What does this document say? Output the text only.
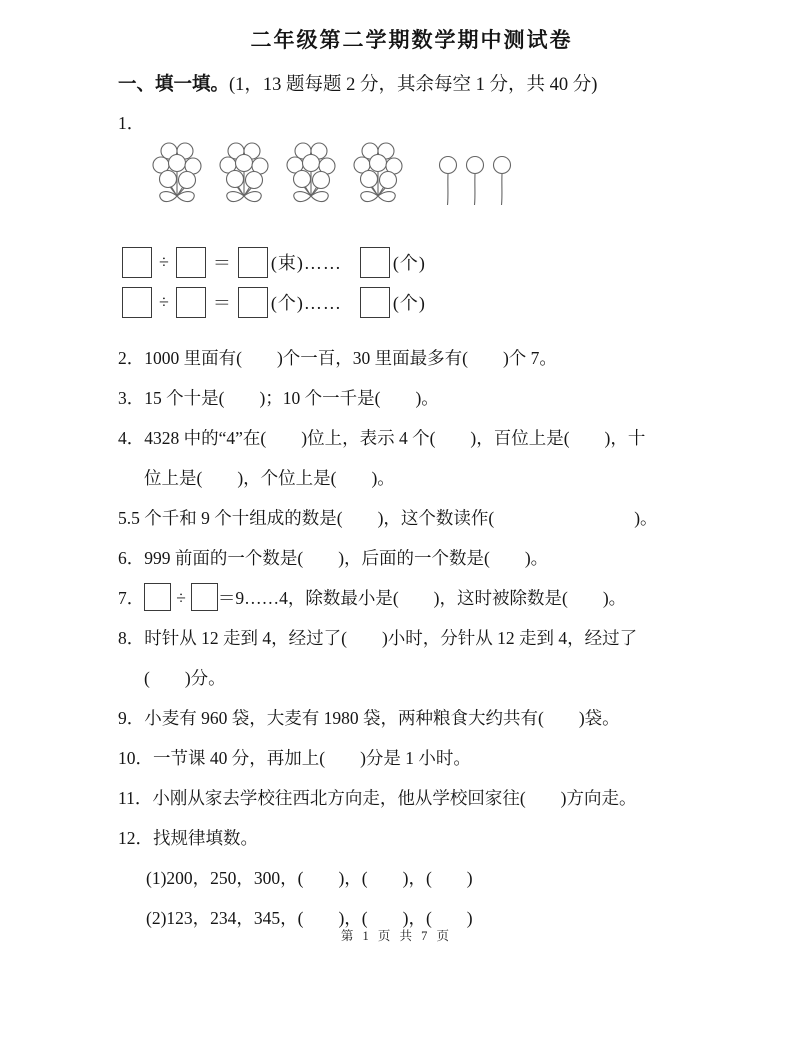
二年级第二学期数学期中测试卷

一、填一填。(1，13 题每题 2 分，其余每空 1 分，共 40 分)

1．

÷ ＝ (束)……	(个)
÷ ＝ (个)……	(个)

2．1000 里面有(　　)个一百，30 里面最多有(　　)个 7。

3．15 个十是(　　)；10 个一千是(　　)。

4．4328 中的“4”在(　　)位上，表示 4 个(　　)，百位上是(　　)，十

位上是(　　)，个位上是(　　)。

5.5 个千和 9 个十组成的数是(　　)，这个数读作(　　　　　　　　)。

6．999 前面的一个数是(　　)，后面的一个数是(　　)。

7． ÷ ＝9……4，除数最小是(　　)，这时被除数是(　　)。

8．时针从 12 走到 4，经过了(　　)小时，分针从 12 走到 4，经过了

(　　)分。

9．小麦有 960 袋，大麦有 1980 袋，两种粮食大约共有(　　)袋。

10．一节课 40 分，再加上(　　)分是 1 小时。

11．小刚从家去学校往西北方向走，他从学校回家往(　　)方向走。

12．找规律填数。

(1)200，250，300，(　　)，(　　)，(　　)

(2)123，234，345，(　　)，(　　)，(　　)

第 1 页 共 7 页
